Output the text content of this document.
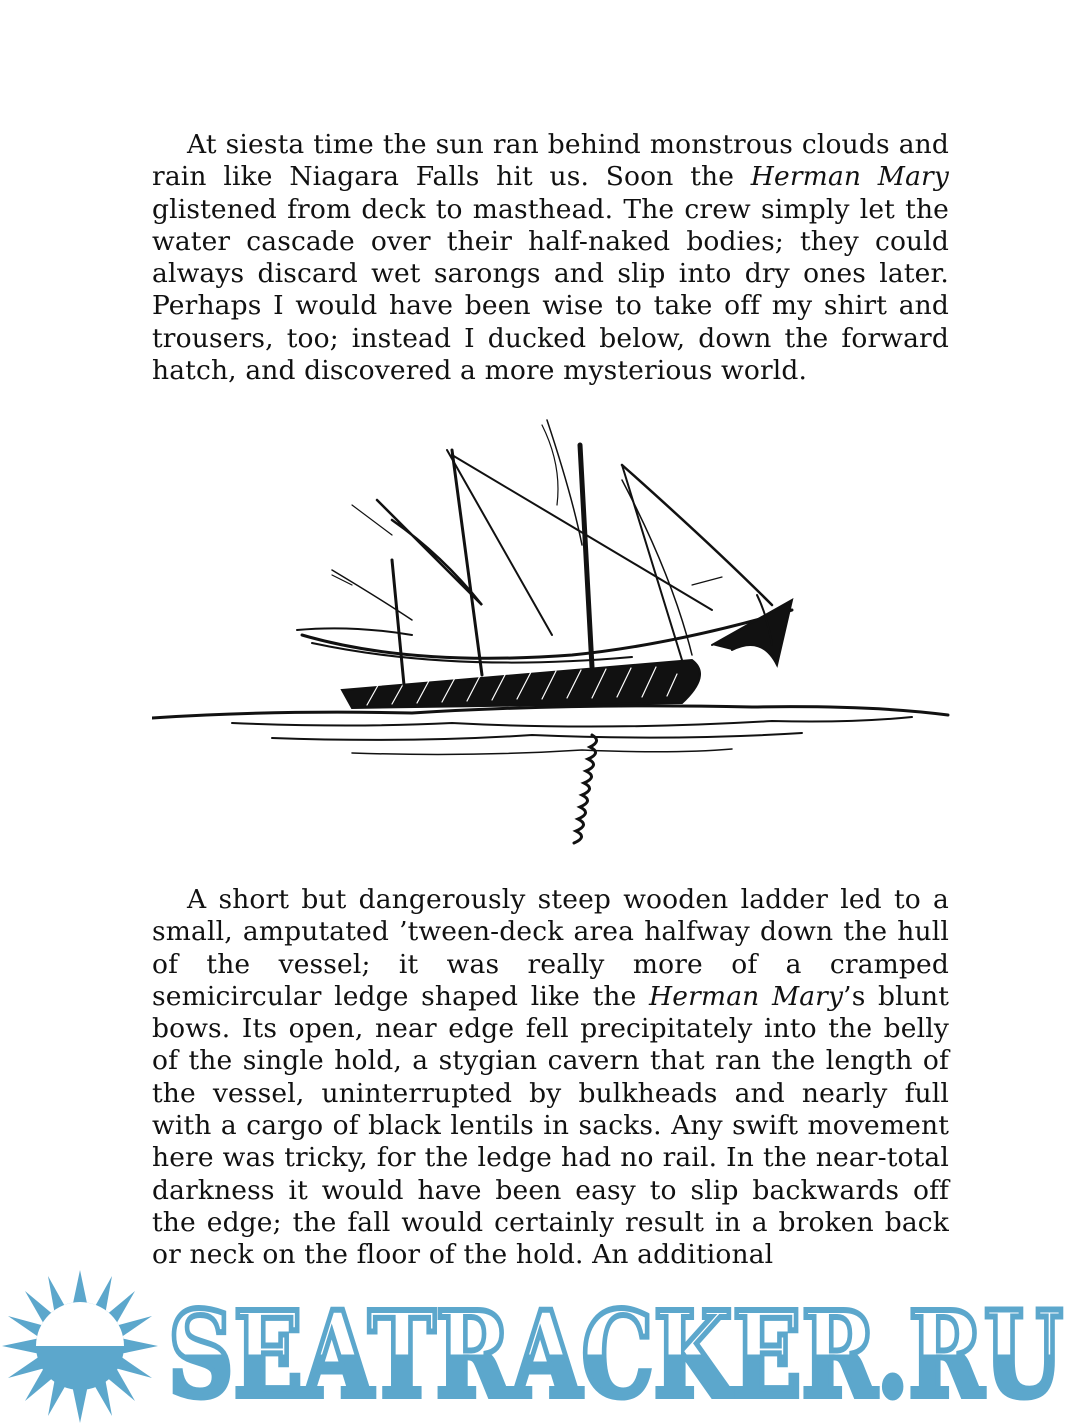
At siesta time the sun ran behind monstrous clouds and rain like Niagara Falls hit us. Soon the Herman Mary glistened from deck to masthead. The crew simply let the water cascade over their half-naked bodies; they could always discard wet sarongs and slip into dry ones later. Perhaps I would have been wise to take off my shirt and trousers, too; instead I ducked below, down the forward hatch, and discovered a more mysterious world.

A short but dangerously steep wooden ladder led to a small, amputated ’tween-deck area halfway down the hull of the vessel; it was really more of a cramped semicircular ledge shaped like the Herman Mary’s blunt bows. Its open, near edge fell precipitately into the belly of the single hold, a stygian cavern that ran the length of the vessel, uninterrupted by bulkheads and nearly full with a cargo of black lentils in sacks. Any swift movement here was tricky, for the ledge had no rail. In the near-total darkness it would have been easy to slip backwards off the edge; the fall would certainly result in a broken back or neck on the floor of the hold. An additional

SEATRACKER.RU
